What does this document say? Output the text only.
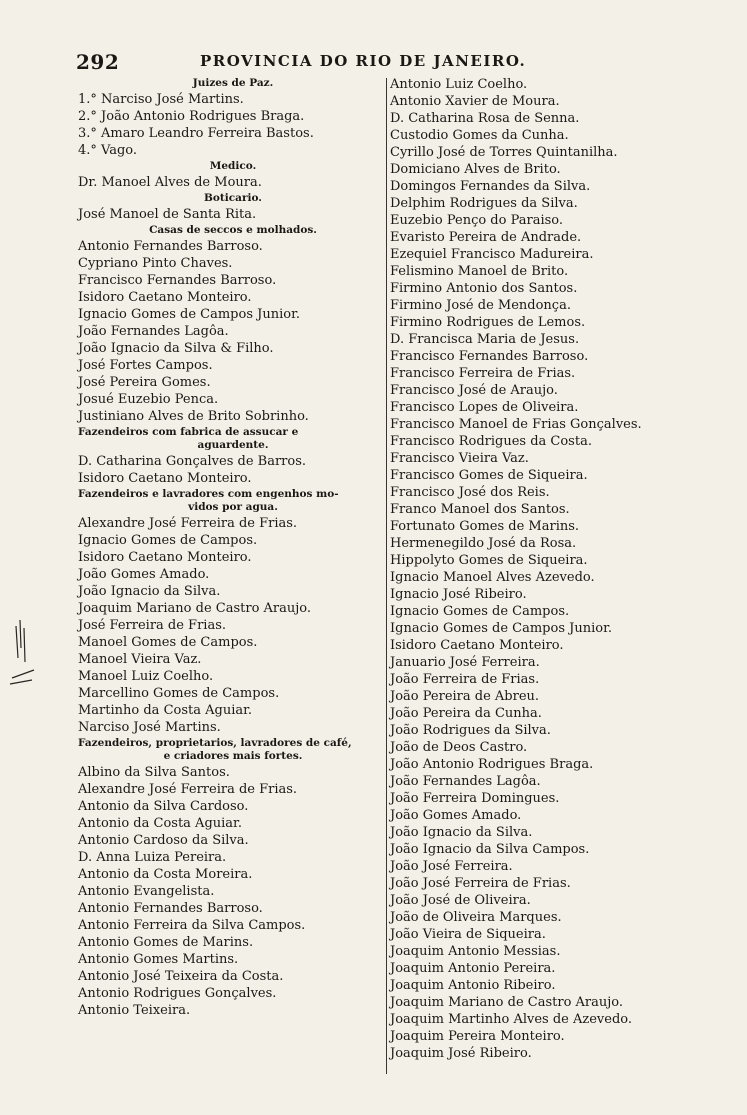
292	PROVINCIA DO RIO DE JANEIRO.
Juizes de Paz.
1.° Narciso José Martins.
2.° João Antonio Rodrigues Braga.
3.° Amaro Leandro Ferreira Bastos.
4.° Vago.
Medico.
Dr. Manoel Alves de Moura.
Boticario.
José Manoel de Santa Rita.
Casas de seccos e molhados.
Antonio Fernandes Barroso.
Cypriano Pinto Chaves.
Francisco Fernandes Barroso.
Isidoro Caetano Monteiro.
Ignacio Gomes de Campos Junior.
João Fernandes Lagôa.
João Ignacio da Silva & Filho.
José Fortes Campos.
José Pereira Gomes.
Josué Euzebio Penca.
Justiniano Alves de Brito Sobrinho.
Fazendeiros com fabrica de assucar e
aguardente.
D. Catharina Gonçalves de Barros.
Isidoro Caetano Monteiro.
Fazendeiros e lavradores com engenhos mo-
vidos por agua.
Alexandre José Ferreira de Frias.
Ignacio Gomes de Campos.
Isidoro Caetano Monteiro.
João Gomes Amado.
João Ignacio da Silva.
Joaquim Mariano de Castro Araujo.
José Ferreira de Frias.
Manoel Gomes de Campos.
Manoel Vieira Vaz.
Manoel Luiz Coelho.
Marcellino Gomes de Campos.
Martinho da Costa Aguiar.
Narciso José Martins.
Fazendeiros, proprietarios, lavradores de café,
e criadores mais fortes.
Albino da Silva Santos.
Alexandre José Ferreira de Frias.
Antonio da Silva Cardoso.
Antonio da Costa Aguiar.
Antonio Cardoso da Silva.
D. Anna Luiza Pereira.
Antonio da Costa Moreira.
Antonio Evangelista.
Antonio Fernandes Barroso.
Antonio Ferreira da Silva Campos.
Antonio Gomes de Marins.
Antonio Gomes Martins.
Antonio José Teixeira da Costa.
Antonio Rodrigues Gonçalves.
Antonio Teixeira.
Antonio Luiz Coelho.
Antonio Xavier de Moura.
D. Catharina Rosa de Senna.
Custodio Gomes da Cunha.
Cyrillo José de Torres Quintanilha.
Domiciano Alves de Brito.
Domingos Fernandes da Silva.
Delphim Rodrigues da Silva.
Euzebio Penço do Paraiso.
Evaristo Pereira de Andrade.
Ezequiel Francisco Madureira.
Felismino Manoel de Brito.
Firmino Antonio dos Santos.
Firmino José de Mendonça.
Firmino Rodrigues de Lemos.
D. Francisca Maria de Jesus.
Francisco Fernandes Barroso.
Francisco Ferreira de Frias.
Francisco José de Araujo.
Francisco Lopes de Oliveira.
Francisco Manoel de Frias Gonçalves.
Francisco Rodrigues da Costa.
Francisco Vieira Vaz.
Francisco Gomes de Siqueira.
Francisco José dos Reis.
Franco Manoel dos Santos.
Fortunato Gomes de Marins.
Hermenegildo José da Rosa.
Hippolyto Gomes de Siqueira.
Ignacio Manoel Alves Azevedo.
Ignacio José Ribeiro.
Ignacio Gomes de Campos.
Ignacio Gomes de Campos Junior.
Isidoro Caetano Monteiro.
Januario José Ferreira.
João Ferreira de Frias.
João Pereira de Abreu.
João Pereira da Cunha.
João Rodrigues da Silva.
João de Deos Castro.
João Antonio Rodrigues Braga.
João Fernandes Lagôa.
João Ferreira Domingues.
João Gomes Amado.
João Ignacio da Silva.
João Ignacio da Silva Campos.
João José Ferreira.
João José Ferreira de Frias.
João José de Oliveira.
João de Oliveira Marques.
João Vieira de Siqueira.
Joaquim Antonio Messias.
Joaquim Antonio Pereira.
Joaquim Antonio Ribeiro.
Joaquim Mariano de Castro Araujo.
Joaquim Martinho Alves de Azevedo.
Joaquim Pereira Monteiro.
Joaquim José Ribeiro.
